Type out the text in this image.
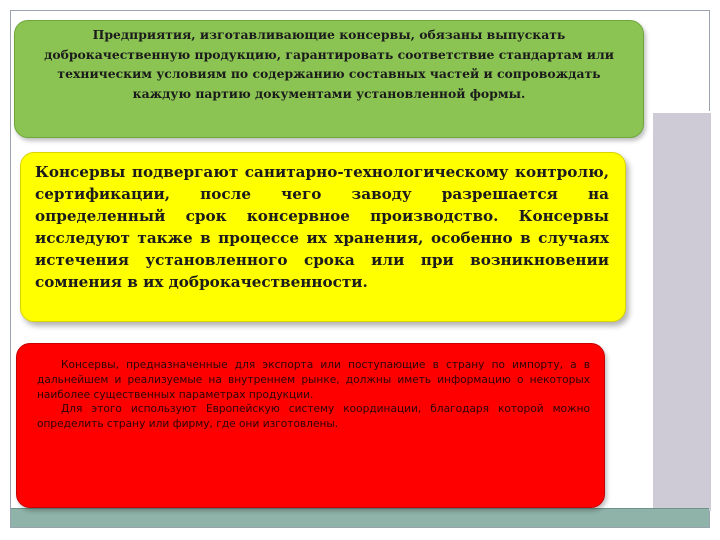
Предприятия, изготавливающие консервы, обязаны выпускать доброкачественную продукцию, гарантировать соответствие стандартам или техническим условиям по содержанию составных частей и сопровождать каждую партию документами установленной формы.
Консервы подвергают санитарно-технологическому контролю, сертификации, после чего заводу разрешается на определенный срок консервное производство. Консервы исследуют также в процессе их хранения, особенно в случаях истечения установленного срока или при возникновении сомнения в их доброкачественности.

Консервы, предназначенные для экспорта или поступающие в страну по импорту, а в дальнейшем и реализуемые на внутреннем рынке, должны иметь информацию о некоторых наиболее существенных параметрах продукции.

Для этого используют Европейскую систему координации, благодаря которой можно определить страну или фирму, где они изготовлены.
